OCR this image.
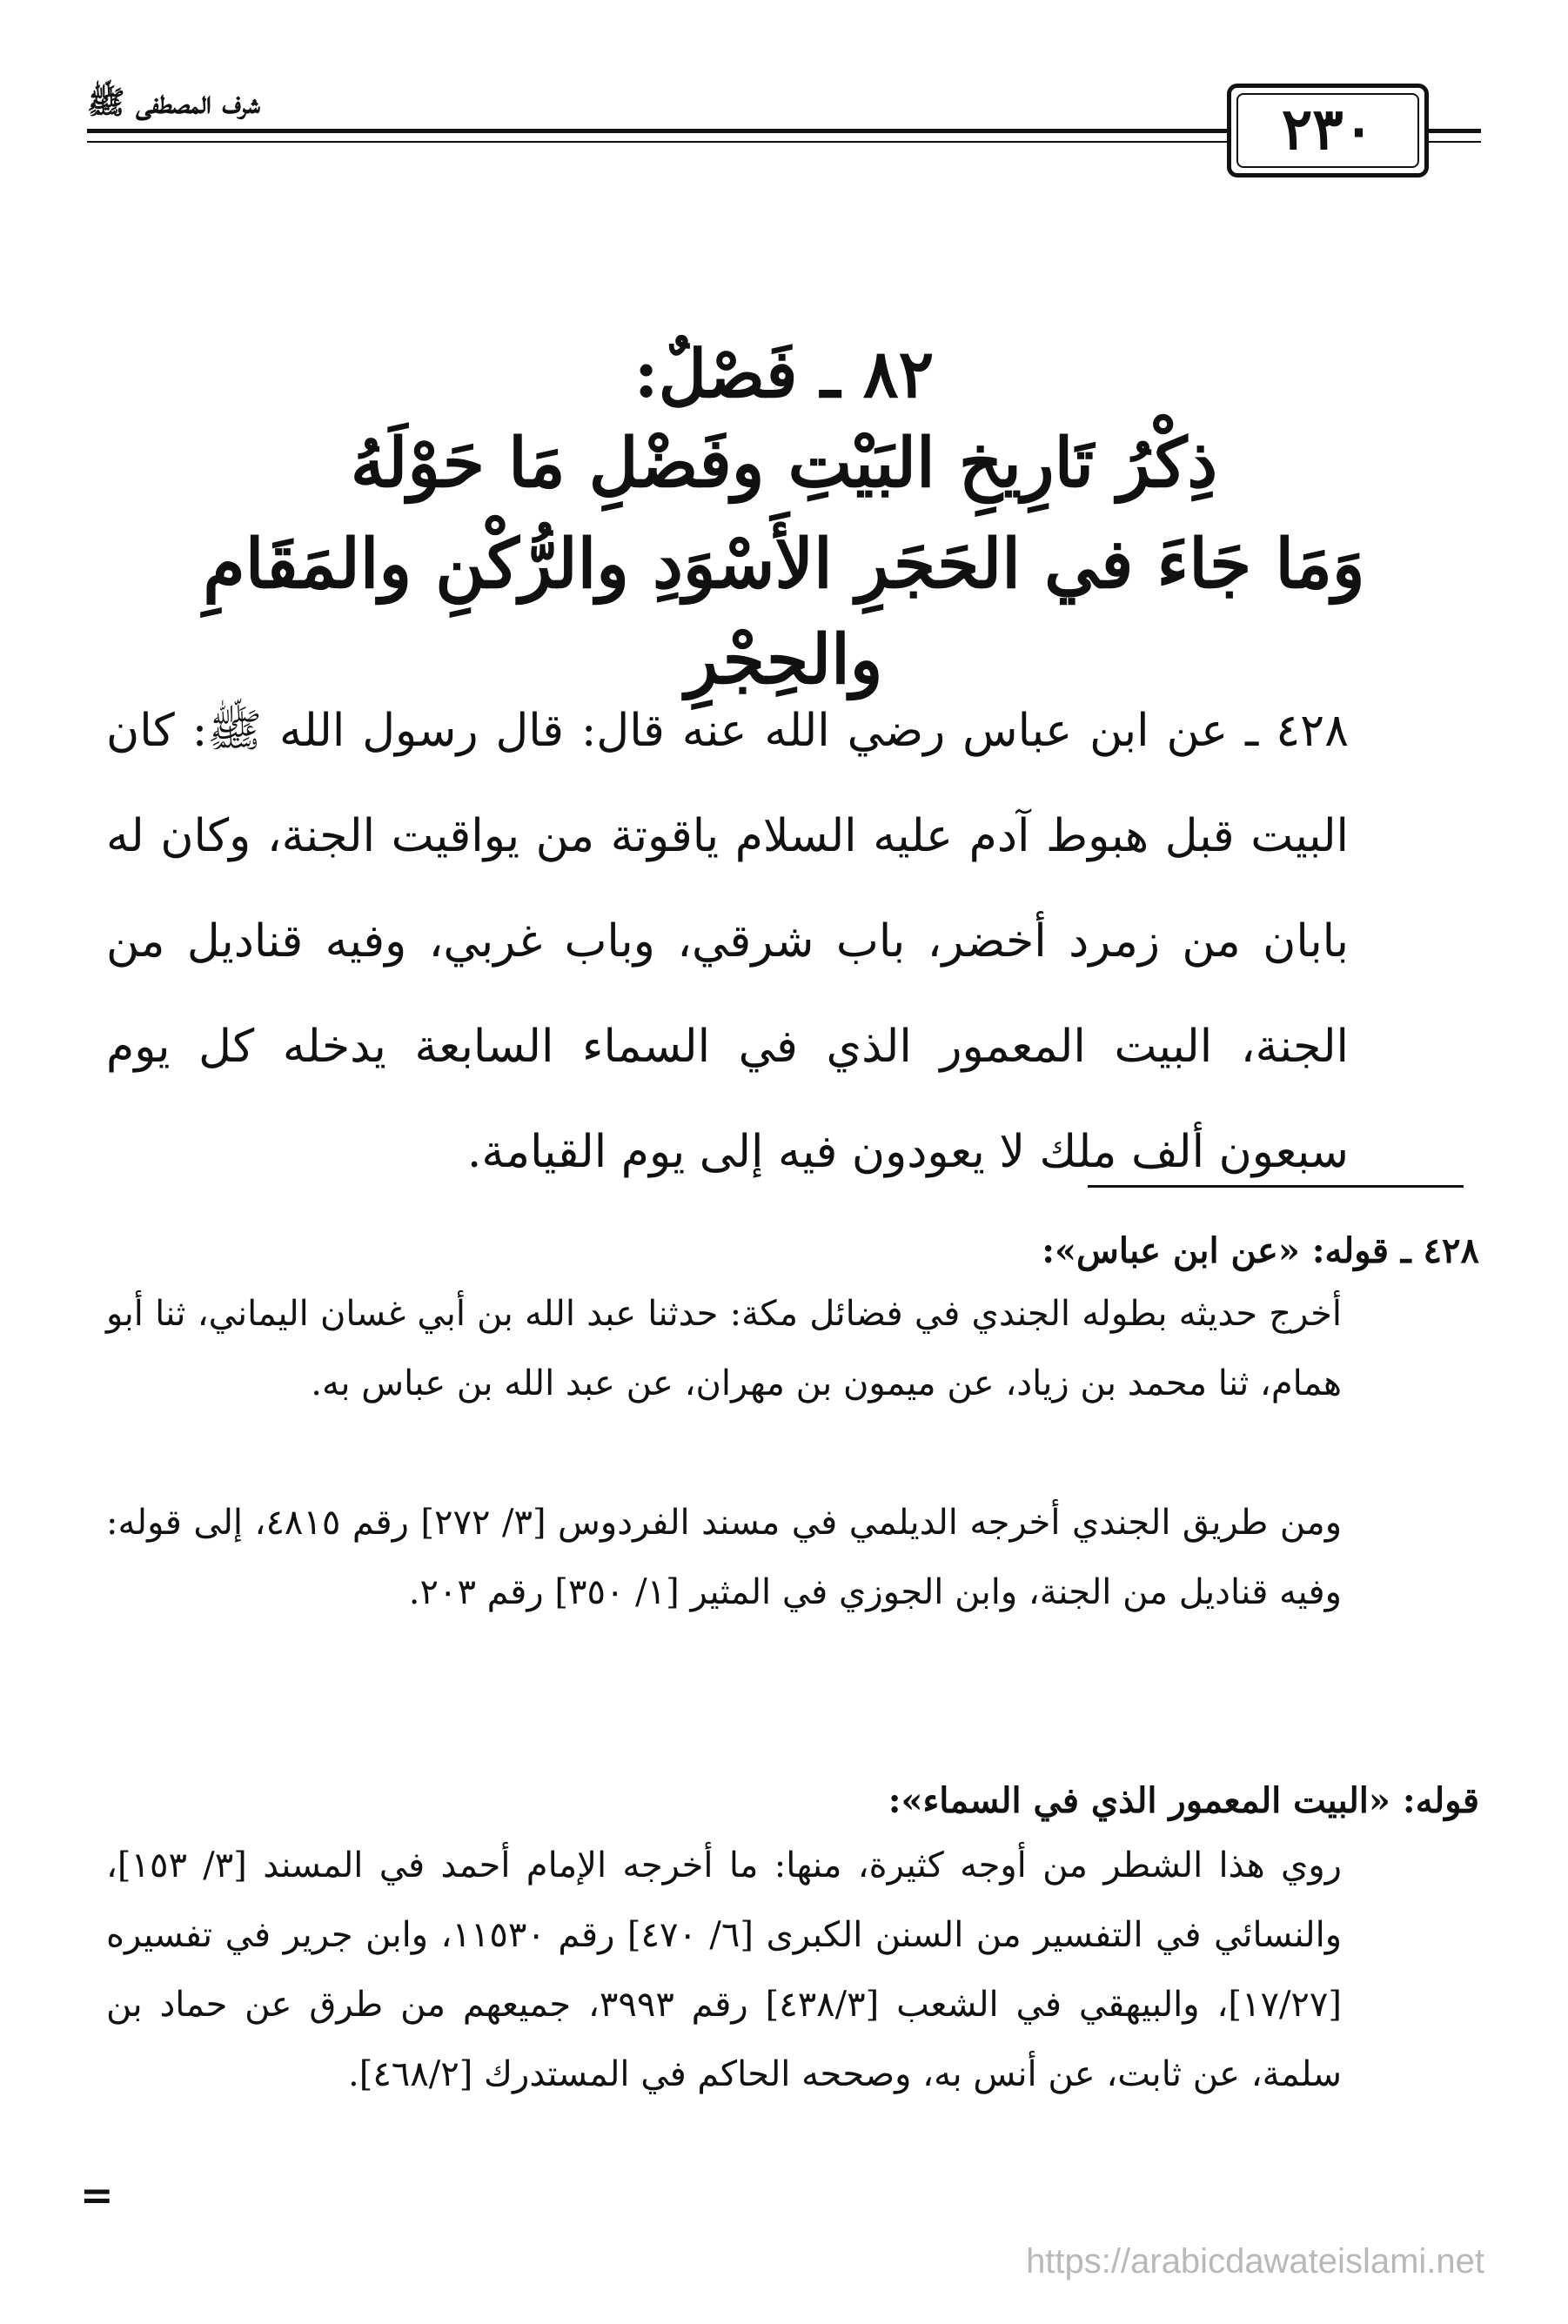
٢٣٠
شرف المصطفى ﷺ
٨٢ ـ فَصْلٌ:
ذِكْرُ تَارِيخِ البَيْتِ وفَضْلِ مَا حَوْلَهُ
وَمَا جَاءَ في الحَجَرِ الأَسْوَدِ والرُّكْنِ والمَقَامِ والحِجْرِ

٤٢٨ ـ عن ابن عباس رضي الله عنه قال: قال رسول الله ﷺ: كان البيت قبل هبوط آدم عليه السلام ياقوتة من يواقيت الجنة، وكان له بابان من زمرد أخضر، باب شرقي، وباب غربي، وفيه قناديل من الجنة، البيت المعمور الذي في السماء السابعة يدخله كل يوم سبعون ألف ملك لا يعودون فيه إلى يوم القيامة.

٤٢٨ ـ قوله: «عن ابن عباس»:

أخرج حديثه بطوله الجندي في فضائل مكة: حدثنا عبد الله بن أبي غسان اليماني، ثنا أبو همام، ثنا محمد بن زياد، عن ميمون بن مهران، عن عبد الله بن عباس به.

ومن طريق الجندي أخرجه الديلمي في مسند الفردوس [٣/ ٢٧٢] رقم ٤٨١٥، إلى قوله: وفيه قناديل من الجنة، وابن الجوزي في المثير [١/ ٣٥٠] رقم ٢٠٣.

قوله: «البيت المعمور الذي في السماء»:

روي هذا الشطر من أوجه كثيرة، منها: ما أخرجه الإمام أحمد في المسند [٣/ ١٥٣]، والنسائي في التفسير من السنن الكبرى [٦/ ٤٧٠] رقم ١١٥٣٠، وابن جرير في تفسيره [١٧/٢٧]، والبيهقي في الشعب [٤٣٨/٣] رقم ٣٩٩٣، جميعهم من طرق عن حماد بن سلمة، عن ثابت، عن أنس به، وصححه الحاكم في المستدرك [٤٦٨/٢].

=
https://arabicdawateislami.net
